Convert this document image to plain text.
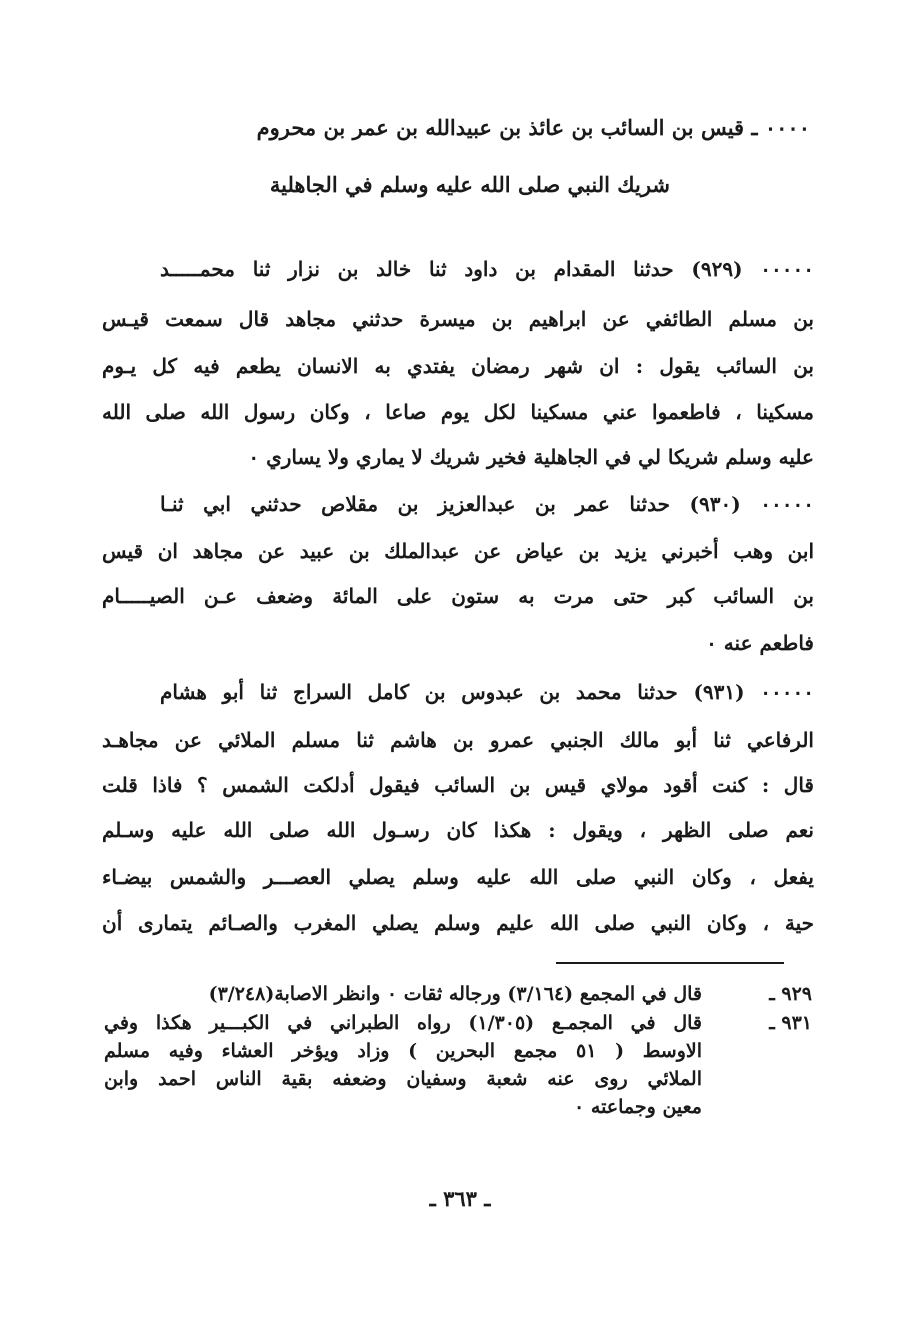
٠٠٠٠ ـ قيس بن السائب بن عائذ بن عبيدالله بن عمر بن محروم
شريك النبي صلى الله عليه وسلم في الجاهلية
٠٠٠٠٠ (٩٢٩) حدثنا المقدام بن داود ثنا خالد بن نزار ثنا محمـــــد
بن مسلم الطائفي عن ابراهيم بن ميسرة حدثني مجاهد قال سمعت قيـس
بن السائب يقول : ان شهر رمضان يفتدي به الانسان يطعم فيه كل يـوم
مسكينا ، فاطعموا عني مسكينا لكل يوم صاعا ، وكان رسول الله صلى الله
عليه وسلم شريكا لي في الجاهلية فخير شريك لا يماري ولا يساري ٠
٠٠٠٠٠ (٩٣٠) حدثنا عمر بن عبدالعزيز بن مقلاص حدثني ابي ثنـا
ابن وهب أخبرني يزيد بن عياض عن عبدالملك بن عبيد عن مجاهد ان قيس
بن السائب كبر حتى مرت به ستون على المائة وضعف عـن الصيـــــام
فاطعم عنه ٠
٠٠٠٠٠ (٩٣١) حدثنا محمد بن عبدوس بن كامل السراج ثنا أبو هشام
الرفاعي ثنا أبو مالك الجنبي عمرو بن هاشم ثنا مسلم الملائي عن مجاهـد
قال : كنت أقود مولاي قيس بن السائب فيقول أدلكت الشمس ؟ فاذا قلت
نعم صلى الظهر ، ويقول : هكذا كان رسـول الله صلى الله عليه وسـلم
يفعل ، وكان النبي صلى الله عليه وسلم يصلي العصـــر والشمس بيضـاء
حية ، وكان النبي صلى الله عليم وسلم يصلي المغرب والصـائم يتمارى أن
٩٢٩ ـ
قال في المجمع (٣/١٦٤) ورجاله ثقات ٠ وانظر الاصابة(٣/٢٤٨)
٩٣١ ـ
قال في المجمـع (١/٣٠٥) رواه الطبراني في الكبـــير هكذا وفي
الاوسط ( ٥١ مجمع البحرين ) وزاد ويؤخر العشاء وفيه مسلم
الملائي روى عنه شعبة وسفيان وضعفه بقية الناس احمد وابن
معين وجماعته ٠
ـ ٣٦٣ ـ
